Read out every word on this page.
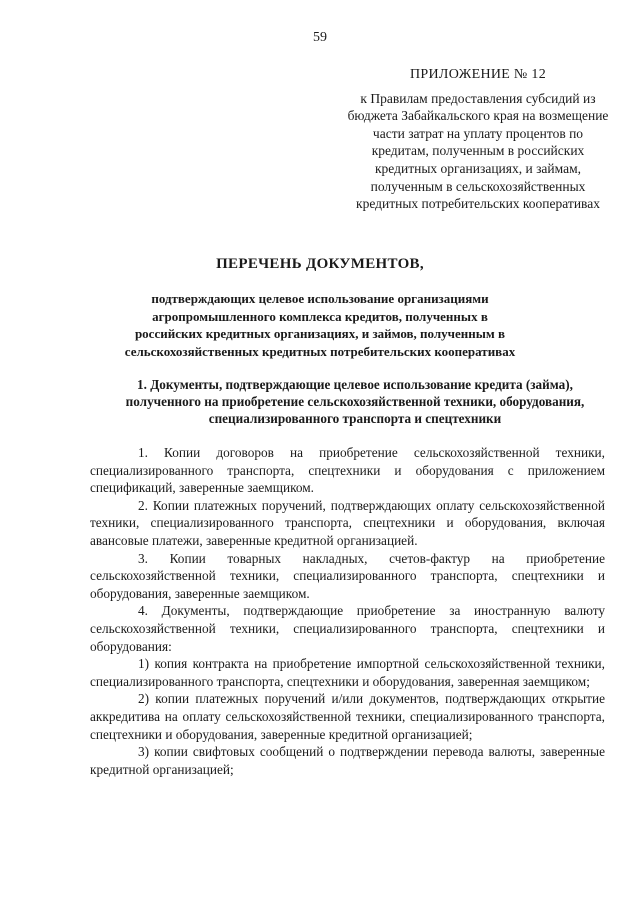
59
ПРИЛОЖЕНИЕ № 12
к Правилам предоставления субсидий из бюджета Забайкальского края на возмещение части затрат на уплату процентов по кредитам, полученным в российских кредитных организациях, и займам, полученным в сельскохозяйственных кредитных потребительских кооперативах
ПЕРЕЧЕНЬ ДОКУМЕНТОВ,
подтверждающих целевое использование организациями агропромышленного комплекса кредитов, полученных в российских кредитных организациях, и займов, полученным в сельскохозяйственных кредитных потребительских кооперативах
1. Документы, подтверждающие целевое использование кредита (займа), полученного на приобретение сельскохозяйственной техники, оборудования, специализированного транспорта и спецтехники

1. Копии договоров на приобретение сельскохозяйственной техники, специализированного транспорта, спецтехники и оборудования с приложением спецификаций, заверенные заемщиком.

2. Копии платежных поручений, подтверждающих оплату сельскохозяйственной техники, специализированного транспорта, спецтехники и оборудования, включая авансовые платежи, заверенные кредитной организацией.

3. Копии товарных накладных, счетов-фактур на приобретение сельскохозяйственной техники, специализированного транспорта, спецтехники и оборудования, заверенные заемщиком.

4. Документы, подтверждающие приобретение за иностранную валюту сельскохозяйственной техники, специализированного транспорта, спецтехники и оборудования:

1) копия контракта на приобретение импортной сельскохозяйственной техники, специализированного транспорта, спецтехники и оборудования, заверенная заемщиком;

2) копии платежных поручений и/или документов, подтверждающих открытие аккредитива на оплату сельскохозяйственной техники, специализированного транспорта, спецтехники и оборудования, заверенные кредитной организацией;

3) копии свифтовых сообщений о подтверждении перевода валюты, заверенные кредитной организацией;
